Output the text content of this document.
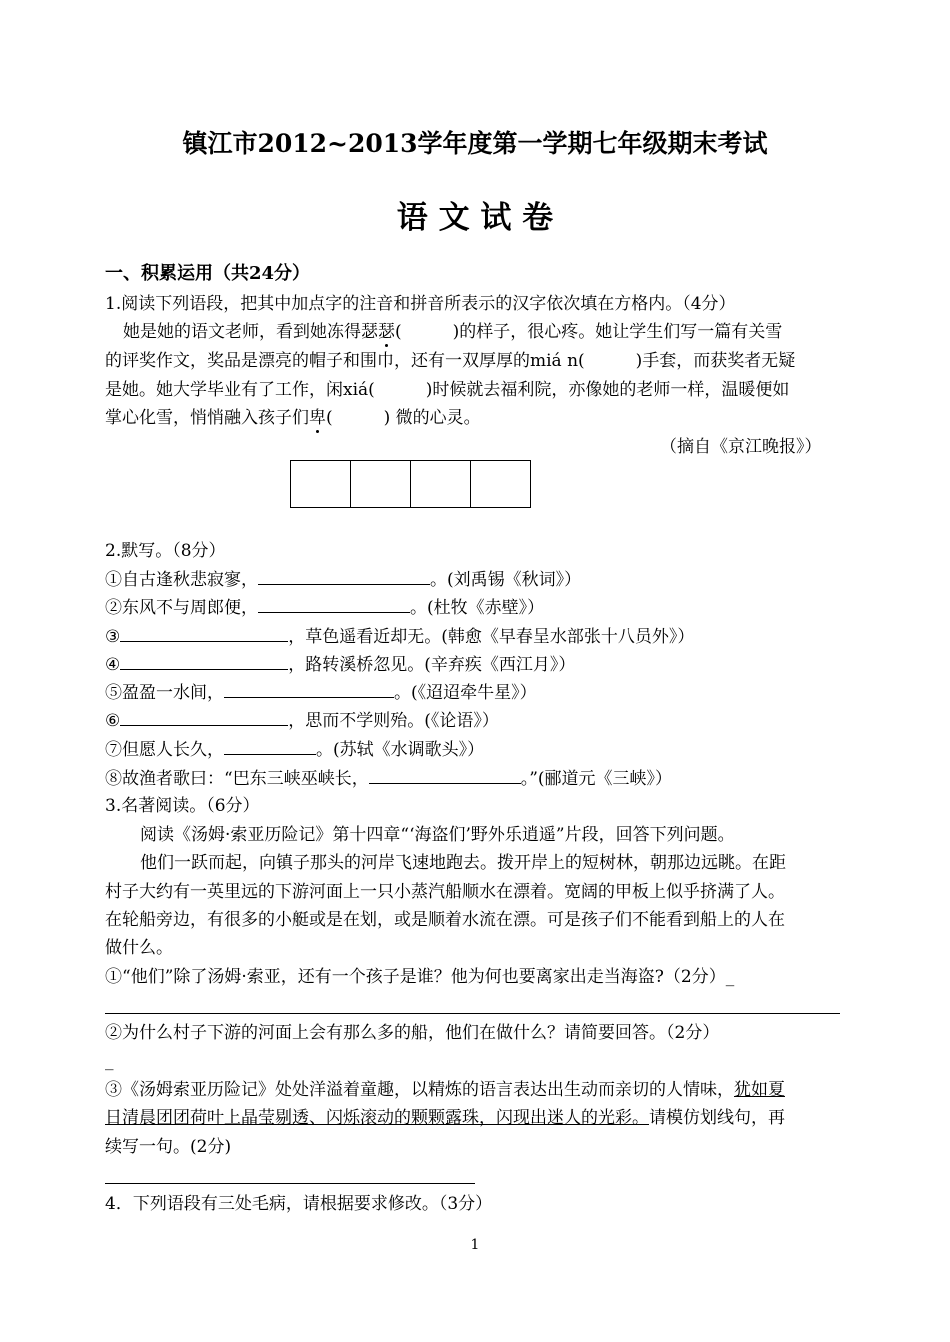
镇江市2012~2013学年度第一学期七年级期末考试
语 文 试 卷
一、积累运用（共24分）
1.阅读下列语段，把其中加点字的注音和拼音所表示的汉字依次填在方格内。（4分）
她是她的语文老师，看到她冻得瑟瑟(　　　)的样子，很心疼。她让学生们写一篇有关雪
的评奖作文，奖品是漂亮的帽子和围巾，还有一双厚厚的miá n(　　　)手套，而获奖者无疑
是她。她大学毕业有了工作，闲xiá(　　　)时候就去福利院，亦像她的老师一样，温暖便如
掌心化雪，悄悄融入孩子们卑(　　　) 微的心灵。
（摘自《京江晚报》）
2.默写。（8分）
①自古逢秋悲寂寥，	。(刘禹锡《秋词》）
②东风不与周郎便，	。(杜牧《赤壁》）
③	，草色遥看近却无。(韩愈《早春呈水部张十八员外》）
④	，路转溪桥忽见。(辛弃疾《西江月》）
⑤盈盈一水间，	。(《迢迢牵牛星》）
⑥	，思而不学则殆。(《论语》）
⑦但愿人长久，	。(苏轼《水调歌头》）
⑧故渔者歌曰：“巴东三峡巫峡长，	。”(郦道元《三峡》）
3.名著阅读。（6分）
阅读《汤姆·索亚历险记》第十四章“‘海盗们’野外乐逍遥”片段，回答下列问题。
他们一跃而起，向镇子那头的河岸飞速地跑去。拨开岸上的短树林，朝那边远眺。在距
村子大约有一英里远的下游河面上一只小蒸汽船顺水在漂着。宽阔的甲板上似乎挤满了人。
在轮船旁边，有很多的小艇或是在划，或是顺着水流在漂。可是孩子们不能看到船上的人在
做什么。
①“他们”除了汤姆·索亚，还有一个孩子是谁？他为何也要离家出走当海盗?（2分）_
②为什么村子下游的河面上会有那么多的船，他们在做什么？请简要回答。（2分）
_
③《汤姆索亚历险记》处处洋溢着童趣，以精炼的语言表达出生动而亲切的人情味，犹如夏
日清晨团团荷叶上晶莹剔透、闪烁滚动的颗颗露珠，闪现出迷人的光彩。请模仿划线句，再
续写一句。(2分)
4．下列语段有三处毛病，请根据要求修改。（3分）
1
